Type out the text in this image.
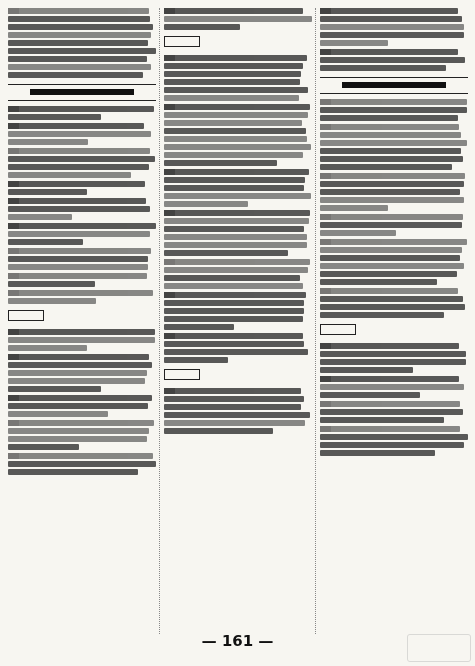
— 161 —
